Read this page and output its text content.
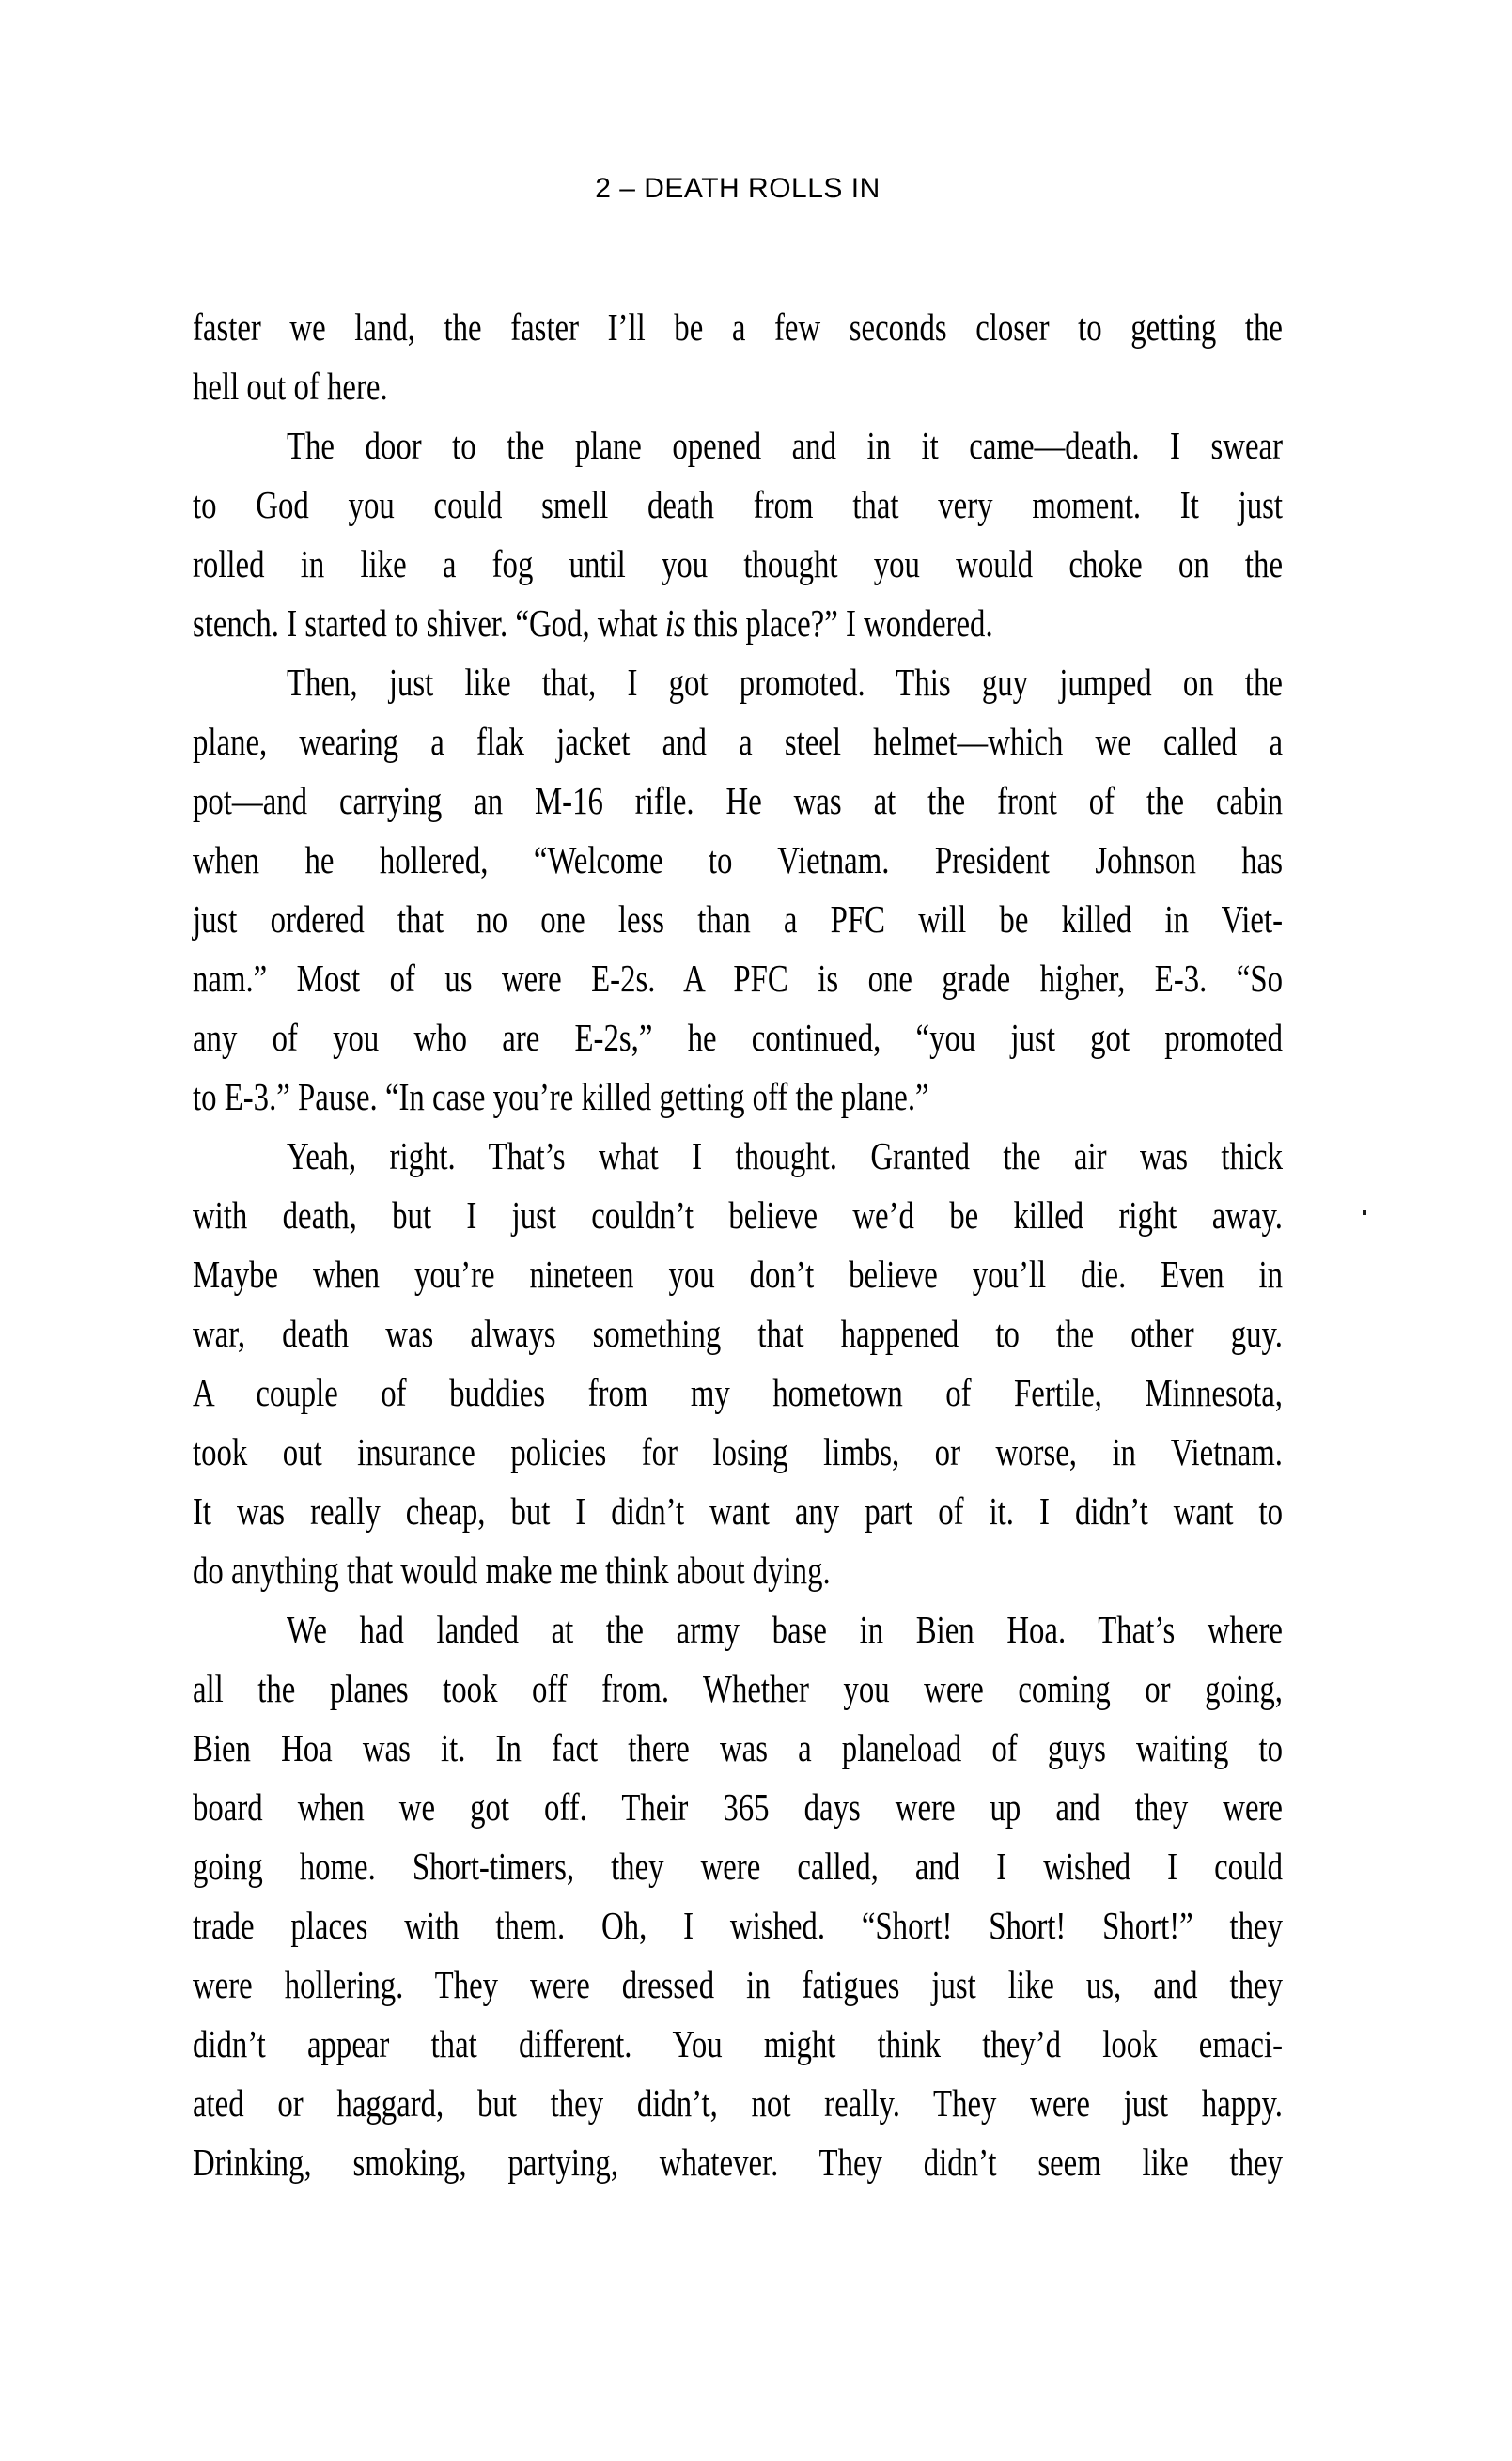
2 – DEATH ROLLS IN
faster we land, the faster I’ll be a few seconds closer to getting the
hell out of here.
The door to the plane opened and in it came—death. I swear
to God you could smell death from that very moment. It just
rolled in like a fog until you thought you would choke on the
stench. I started to shiver. “God, what is this place?” I wondered.
Then, just like that, I got promoted. This guy jumped on the
plane, wearing a flak jacket and a steel helmet—which we called a
pot—and carrying an M-16 rifle. He was at the front of the cabin
when he hollered, “Welcome to Vietnam. President Johnson has
just ordered that no one less than a PFC will be killed in Viet-
nam.” Most of us were E-2s. A PFC is one grade higher, E-3. “So
any of you who are E-2s,” he continued, “you just got promoted
to E-3.” Pause. “In case you’re killed getting off the plane.”
Yeah, right. That’s what I thought. Granted the air was thick
with death, but I just couldn’t believe we’d be killed right away.
Maybe when you’re nineteen you don’t believe you’ll die. Even in
war, death was always something that happened to the other guy.
A couple of buddies from my hometown of Fertile, Minnesota,
took out insurance policies for losing limbs, or worse, in Vietnam.
It was really cheap, but I didn’t want any part of it. I didn’t want to
do anything that would make me think about dying.
We had landed at the army base in Bien Hoa. That’s where
all the planes took off from. Whether you were coming or going,
Bien Hoa was it. In fact there was a planeload of guys waiting to
board when we got off. Their 365 days were up and they were
going home. Short-timers, they were called, and I wished I could
trade places with them. Oh, I wished. “Short! Short! Short!” they
were hollering. They were dressed in fatigues just like us, and they
didn’t appear that different. You might think they’d look emaci-
ated or haggard, but they didn’t, not really. They were just happy.
Drinking, smoking, partying, whatever. They didn’t seem like they
